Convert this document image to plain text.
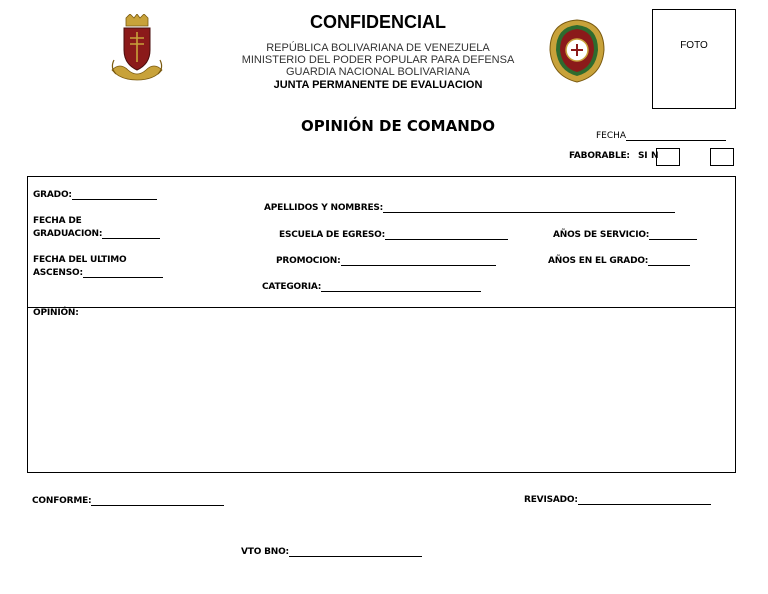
CONFIDENCIAL
REPÚBLICA BOLIVARIANA DE VENEZUELA
MINISTERIO DEL PODER POPULAR PARA DEFENSA
GUARDIA NACIONAL BOLIVARIANA
JUNTA PERMANENTE DE EVALUACION
FOTO
OPINIÓN DE COMANDO
FECHA
FABORABLE: SI N
GRADO:
APELLIDOS Y NOMBRES:
FECHA DE
GRADUACION:	ESCUELA DE EGRESO:	AÑOS DE SERVICIO:
FECHA DEL ULTIMO
ASCENSO:
PROMOCION:	AÑOS EN EL GRADO:
CATEGORIA:
OPINIÓN:
CONFORME:	REVISADO:
VTO BNO:
